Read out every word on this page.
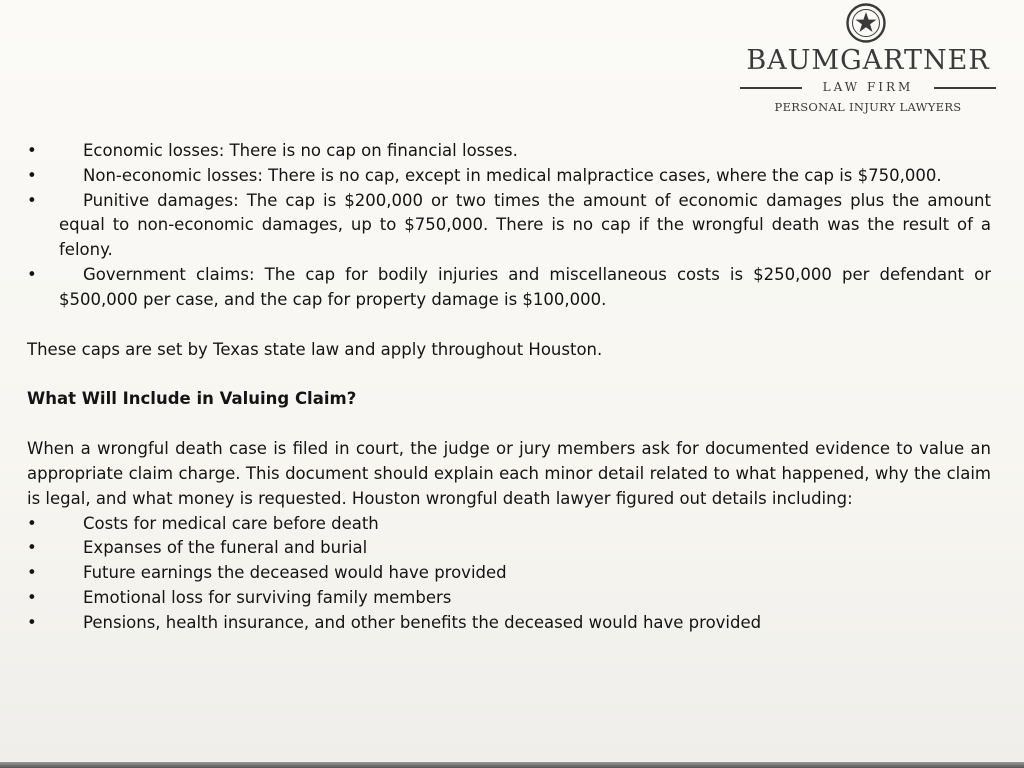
BAUMGARTNER
LAW FIRM
PERSONAL INJURY LAWYERS
•	Economic losses: There is no cap on financial losses.
•	Non-economic losses: There is no cap, except in medical malpractice cases, where the cap is $750,000.
•	Punitive damages: The cap is $200,000 or two times the amount of economic damages plus the amount equal to non-economic damages, up to $750,000. There is no cap if the wrongful death was the result of a felony.
•	Government claims: The cap for bodily injuries and miscellaneous costs is $250,000 per defendant or $500,000 per case, and the cap for property damage is $100,000.
These caps are set by Texas state law and apply throughout Houston.
What Will Include in Valuing Claim?
When a wrongful death case is filed in court, the judge or jury members ask for documented evidence to value an appropriate claim charge. This document should explain each minor detail related to what happened, why the claim is legal, and what money is requested. Houston wrongful death lawyer figured out details including:
•	Costs for medical care before death
•	Expanses of the funeral and burial
•	Future earnings the deceased would have provided
•	Emotional loss for surviving family members
•	Pensions, health insurance, and other benefits the deceased would have provided
